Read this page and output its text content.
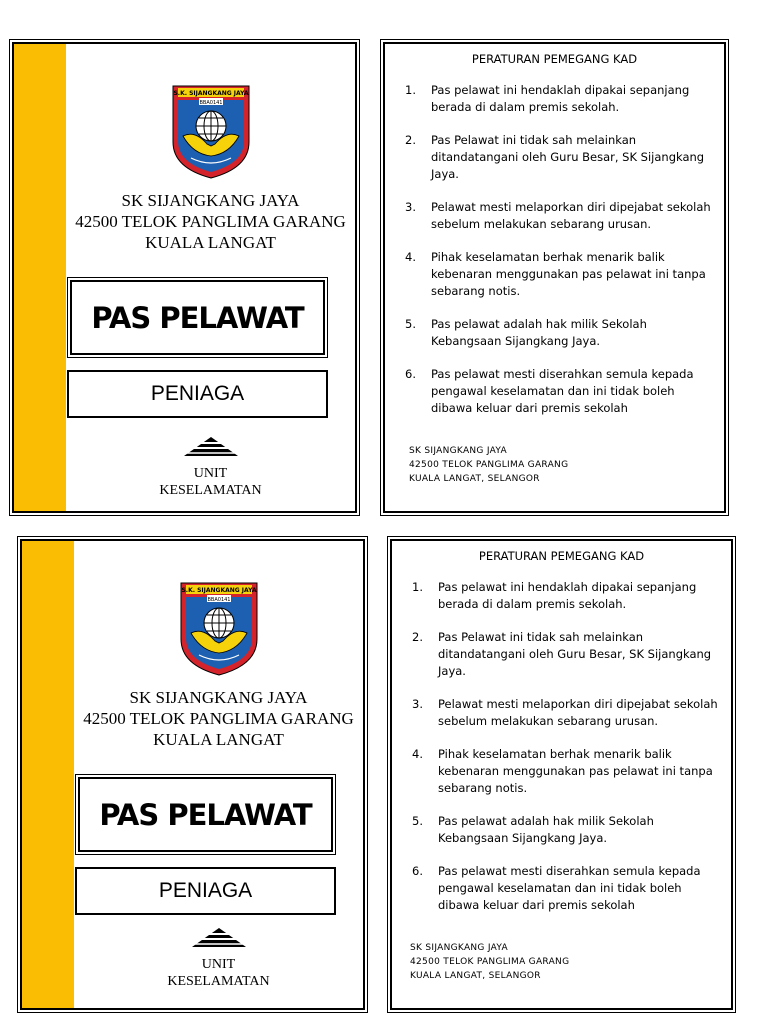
S.K. SIJANGKANG JAYA
BBA0141
SK SIJANGKANG JAYA
42500 TELOK PANGLIMA GARANG
KUALA LANGAT
PAS PELAWAT
PENIAGA
UNIT
KESELAMATAN
PERATURAN PEMEGANG KAD
1. Pas pelawat ini hendaklah dipakai sepanjang berada di dalam premis sekolah.
2. Pas Pelawat ini tidak sah melainkan ditandatangani oleh Guru Besar, SK Sijangkang Jaya.
3. Pelawat mesti melaporkan diri dipejabat sekolah sebelum melakukan sebarang urusan.
4. Pihak keselamatan berhak menarik balik kebenaran menggunakan pas pelawat ini tanpa sebarang notis.
5. Pas pelawat adalah hak milik Sekolah Kebangsaan Sijangkang Jaya.
6. Pas pelawat mesti diserahkan semula kepada pengawal keselamatan dan ini tidak boleh dibawa keluar dari premis sekolah
SK SIJANGKANG JAYA
42500 TELOK PANGLIMA GARANG
KUALA LANGAT, SELANGOR
S.K. SIJANGKANG JAYA
BBA0141
SK SIJANGKANG JAYA
42500 TELOK PANGLIMA GARANG
KUALA LANGAT
PAS PELAWAT
PENIAGA
UNIT
KESELAMATAN
PERATURAN PEMEGANG KAD
1. Pas pelawat ini hendaklah dipakai sepanjang berada di dalam premis sekolah.
2. Pas Pelawat ini tidak sah melainkan ditandatangani oleh Guru Besar, SK Sijangkang Jaya.
3. Pelawat mesti melaporkan diri dipejabat sekolah sebelum melakukan sebarang urusan.
4. Pihak keselamatan berhak menarik balik kebenaran menggunakan pas pelawat ini tanpa sebarang notis.
5. Pas pelawat adalah hak milik Sekolah Kebangsaan Sijangkang Jaya.
6. Pas pelawat mesti diserahkan semula kepada pengawal keselamatan dan ini tidak boleh dibawa keluar dari premis sekolah
SK SIJANGKANG JAYA
42500 TELOK PANGLIMA GARANG
KUALA LANGAT, SELANGOR
